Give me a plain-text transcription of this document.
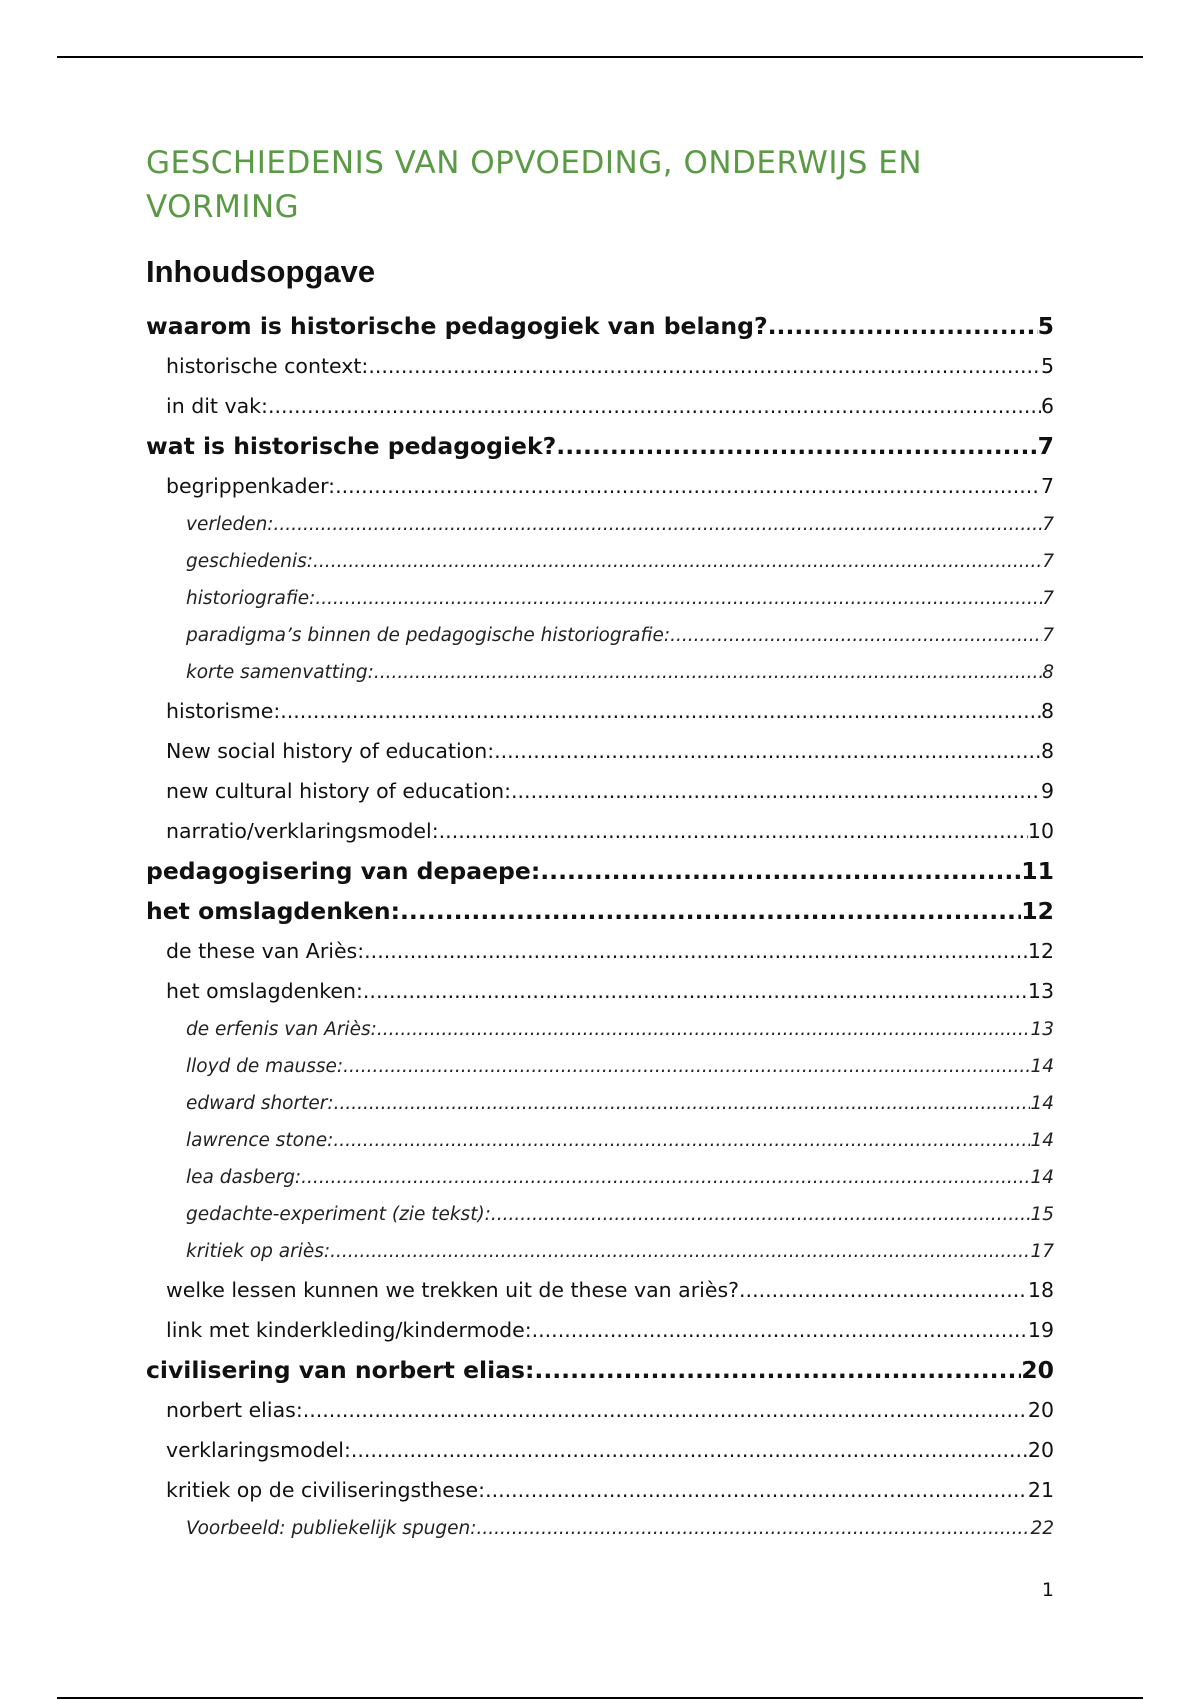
GESCHIEDENIS VAN OPVOEDING, ONDERWIJS EN VORMING
Inhoudsopgave
waarom is historische pedagogiek van belang? .....	5
historische context: .....	5
in dit vak: .....	6
wat is historische pedagogiek? .....	7
begrippenkader: .....	7
verleden: .....	7
geschiedenis: .....	7
historiografie: .....	7
paradigma’s binnen de pedagogische historiografie: .....	7
korte samenvatting: .....	8
historisme: .....	8
New social history of education: .....	8
new cultural history of education: .....	9
narratio/verklaringsmodel: .....	10
pedagogisering van depaepe: .....	11
het omslagdenken: .....	12
de these van Ariès: .....	12
het omslagdenken: .....	13
de erfenis van Ariès: .....	13
lloyd de mausse: .....	14
edward shorter: .....	14
lawrence stone: .....	14
lea dasberg: .....	14
gedachte-experiment (zie tekst): .....	15
kritiek op ariès: .....	17
welke lessen kunnen we trekken uit de these van ariès? .....	18
link met kinderkleding/kindermode: .....	19
civilisering van norbert elias: .....	20
norbert elias: .....	20
verklaringsmodel: .....	20
kritiek op de civiliseringsthese: .....	21
Voorbeeld: publiekelijk spugen: .....	22
1
